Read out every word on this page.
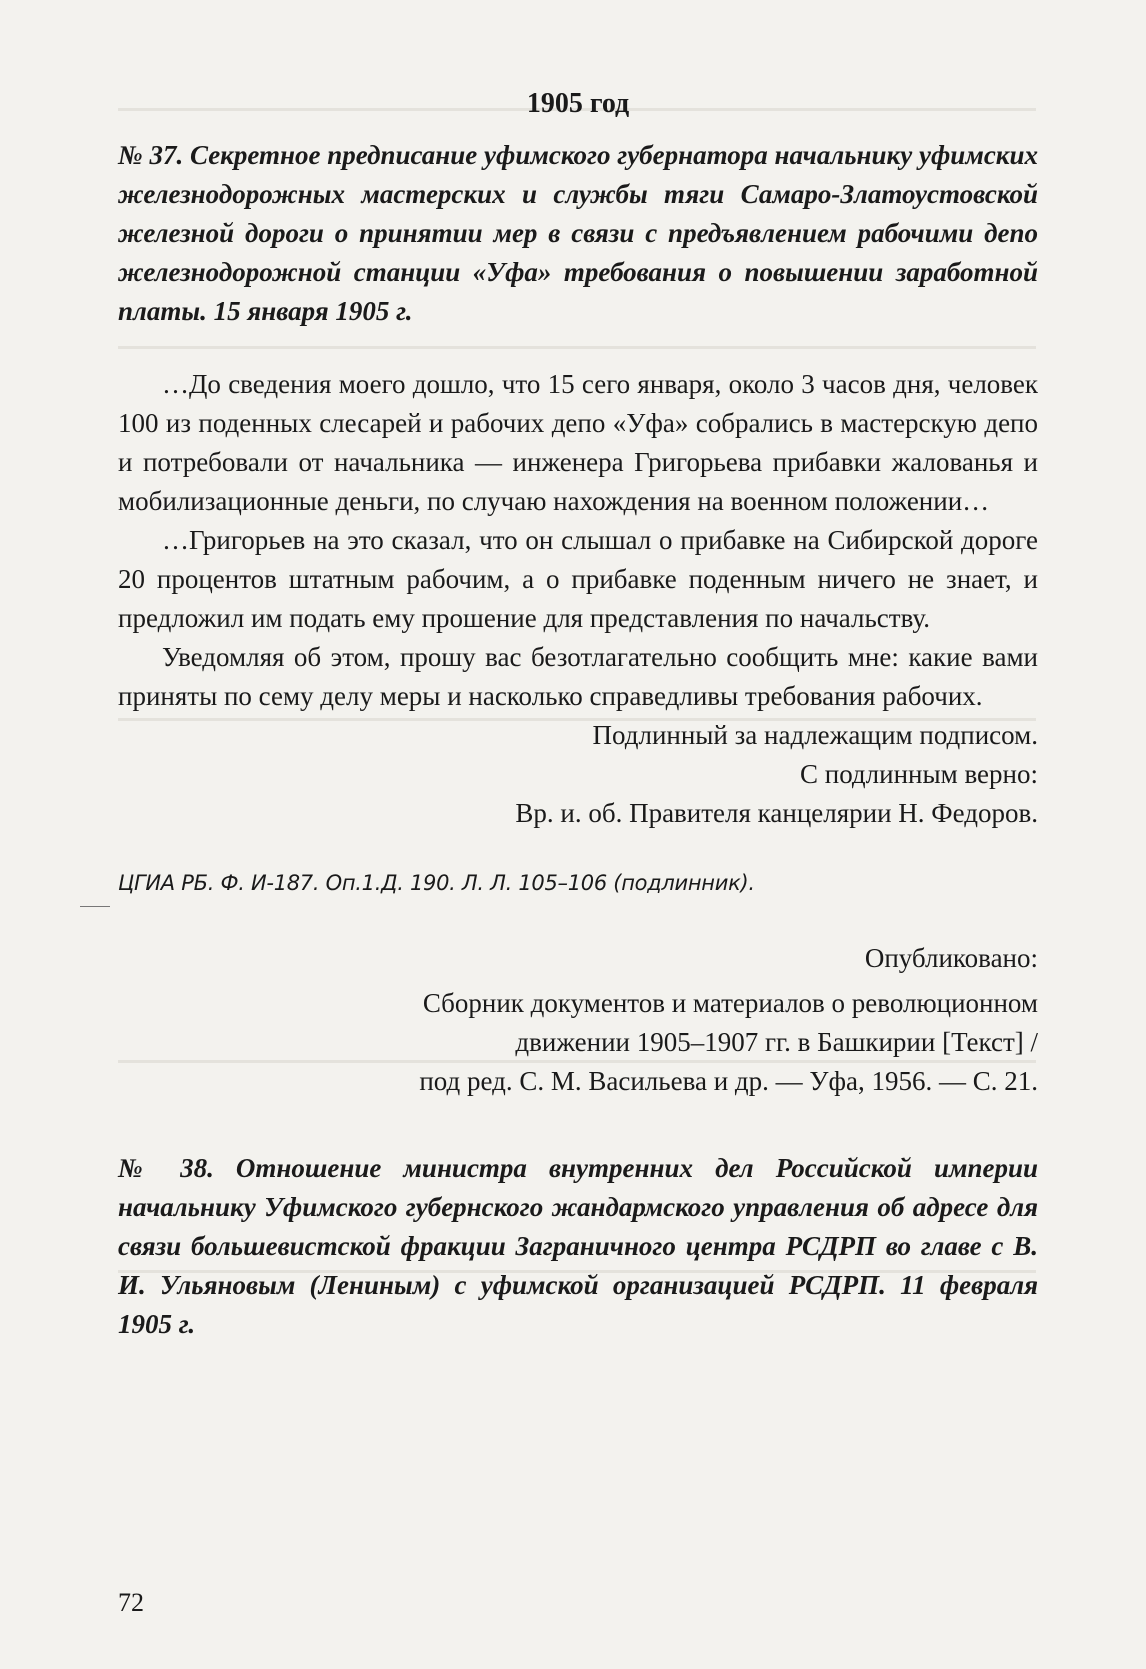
1905 год

№ 37. Секретное предписание уфимского губернатора начальнику уфимских железнодорожных мастерских и службы тяги Самаро-Златоустовской железной дороги о принятии мер в связи с предъявлением рабочими депо железнодорожной станции «Уфа» требования о повышении заработной платы. 15 января 1905 г.

…До сведения моего дошло, что 15 сего января, около 3 часов дня, человек 100 из поденных слесарей и рабочих депо «Уфа» собрались в мастерскую депо и потребовали от начальника — инженера Григорьева прибавки жалованья и мобилизационные деньги, по случаю нахождения на военном положении…

…Григорьев на это сказал, что он слышал о прибавке на Сибирской дороге 20 процентов штатным рабочим, а о прибавке поденным ничего не знает, и предложил им подать ему прошение для представления по начальству.

Уведомляя об этом, прошу вас безотлагательно сообщить мне: какие вами приняты по сему делу меры и насколько справедливы требования рабочих.

Подлинный за надлежащим подписом.

С подлинным верно:

Вр. и. об. Правителя канцелярии Н. Федоров.

ЦГИА РБ. Ф. И-187. Оп.1.Д. 190. Л. Л. 105–106 (подлинник).

Опубликовано:

Сборник документов и материалов о революционном

движении 1905–1907 гг. в Башкирии [Текст] /

под ред. С. М. Васильева и др. — Уфа, 1956. — С. 21.

№ 38. Отношение министра внутренних дел Российской империи начальнику Уфимского губернского жандармского управления об адресе для связи большевистской фракции Заграничного центра РСДРП во главе с В. И. Ульяновым (Лениным) с уфимской организацией РСДРП. 11 февраля 1905 г.

72
